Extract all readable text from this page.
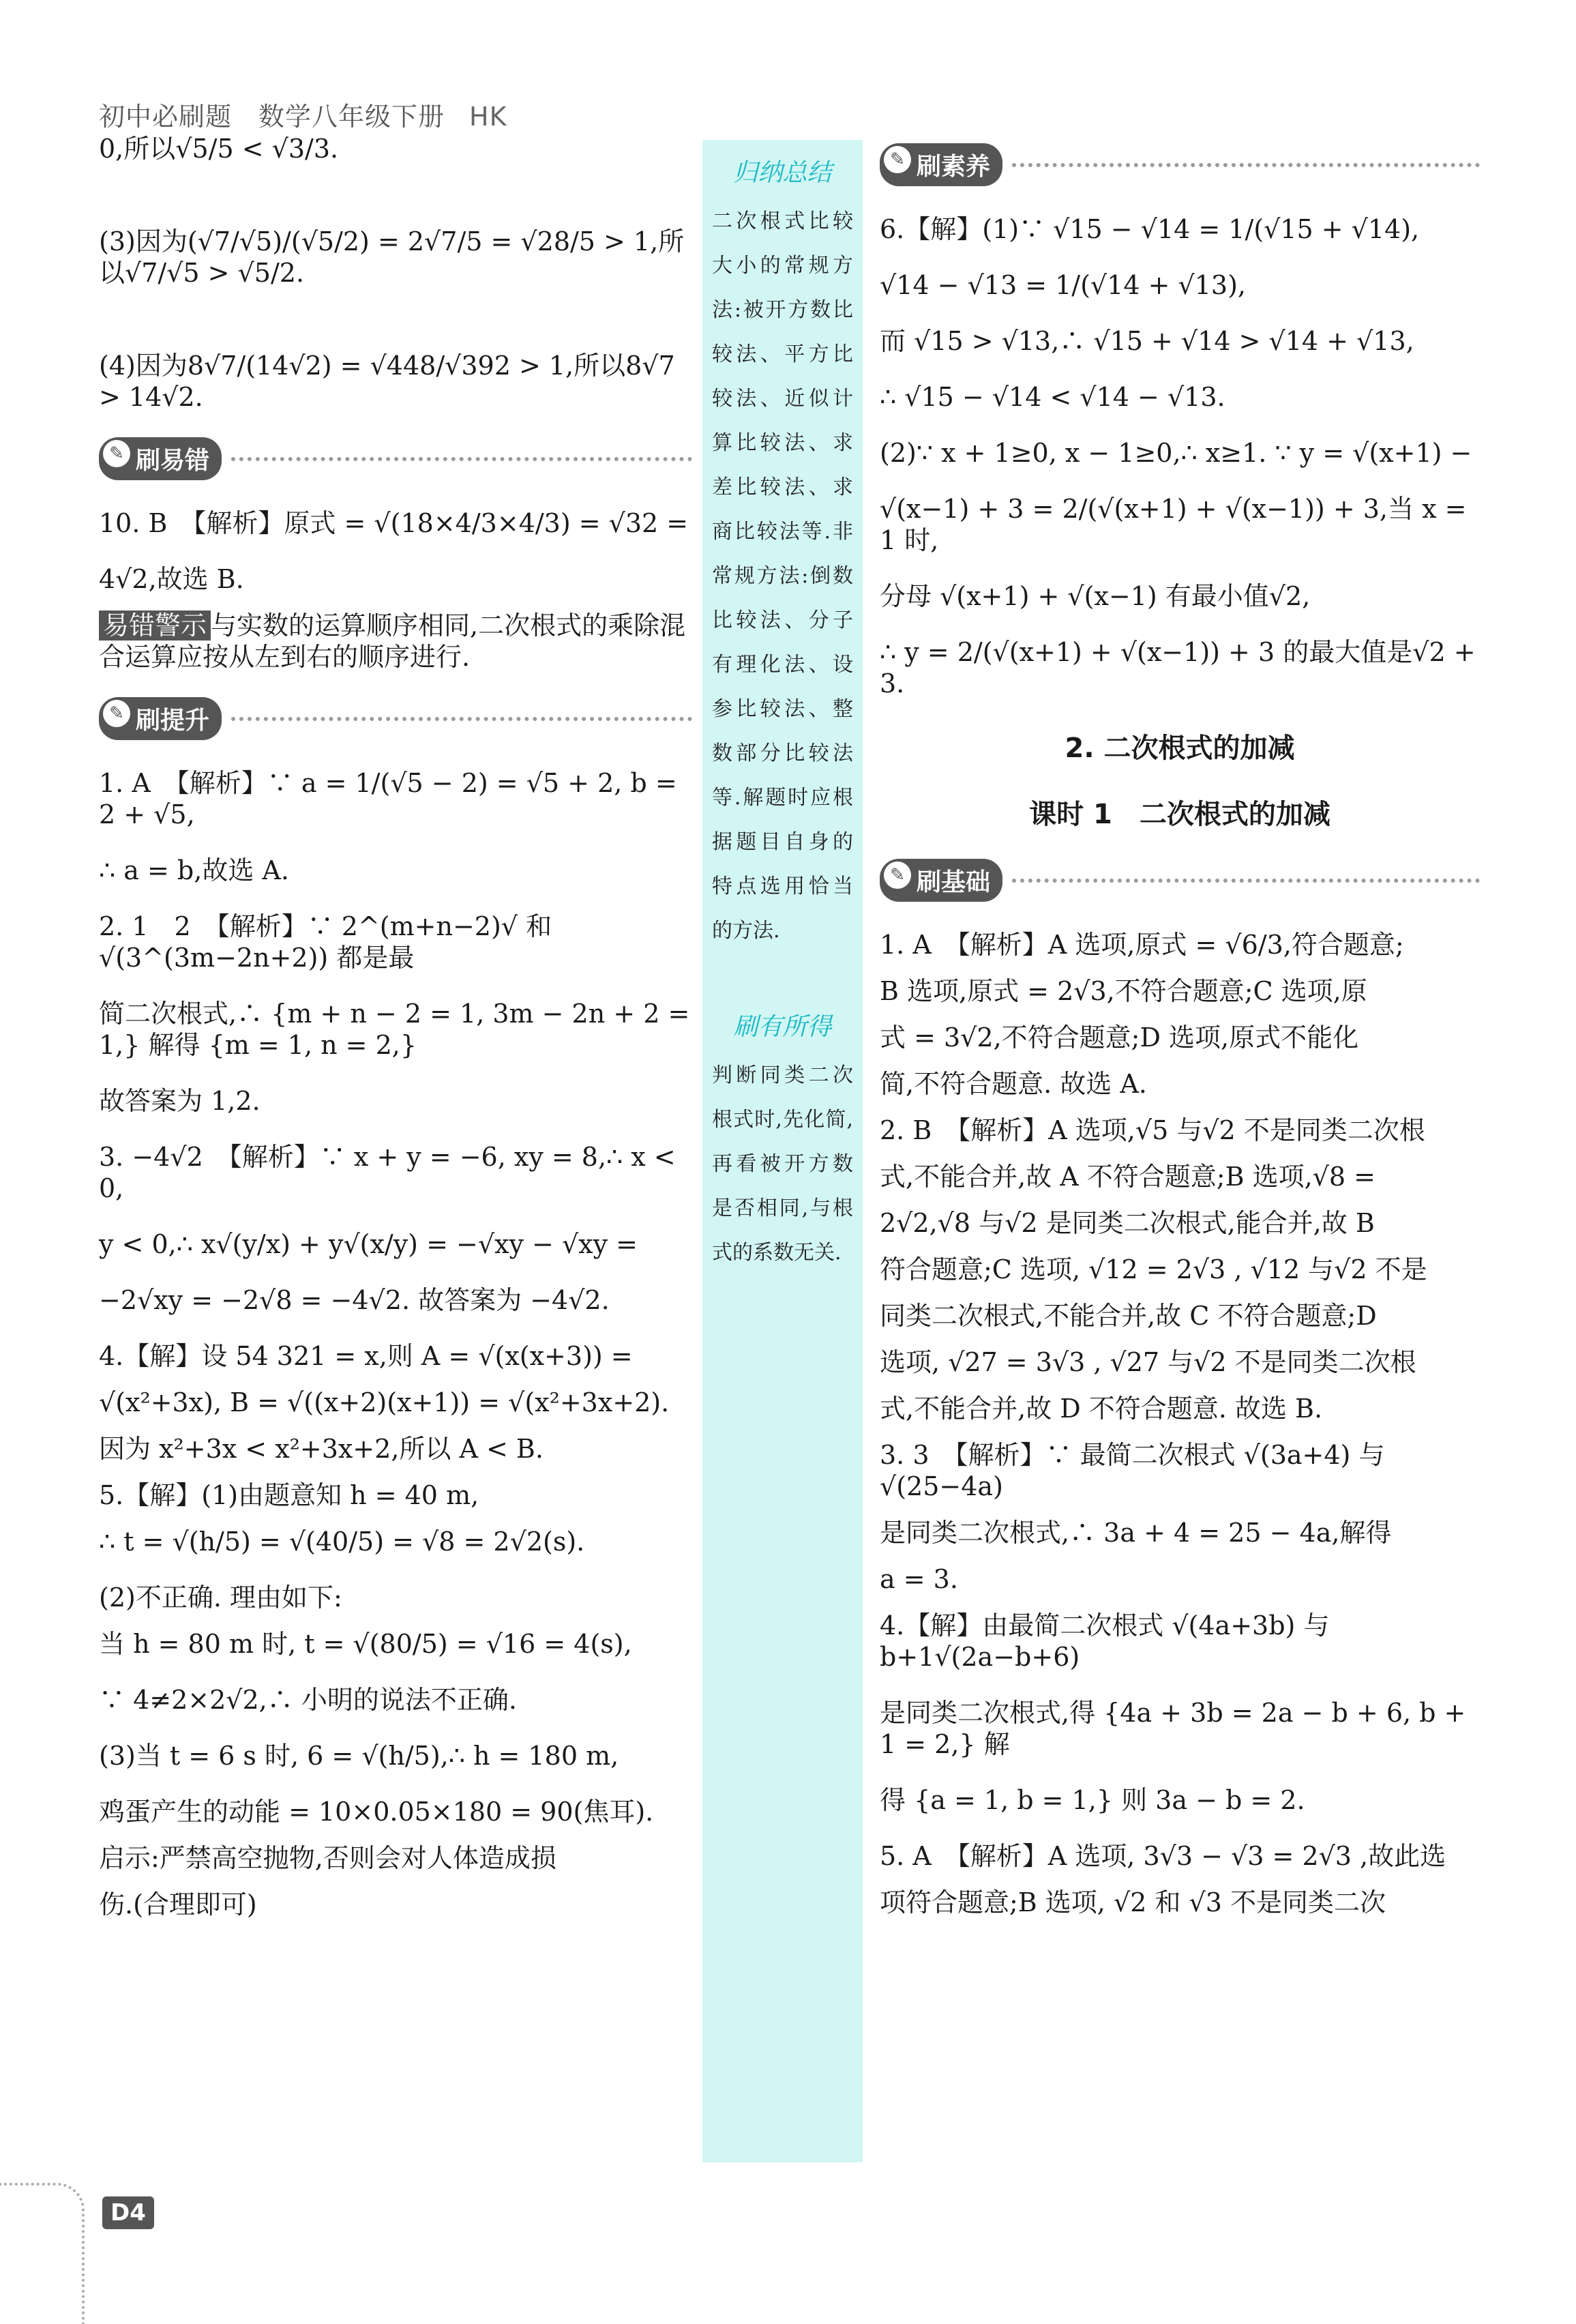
初中必刷题　数学八年级下册 HK
0,所以√5/5 < √3/3.
(3)因为(√7/√5)/(√5/2) = 2√7/5 = √28/5 > 1,所以√7/√5 > √5/2.
(4)因为8√7/(14√2) = √448/√392 > 1,所以8√7 > 14√2.
✎ 刷易错
10. B　【解析】原式 = √(18×4/3×4/3) = √32 =
4√2,故选 B.
易错警示 与实数的运算顺序相同,二次根式的乘除混合运算应按从左到右的顺序进行.
✎ 刷提升
1. A　【解析】∵ a = 1/(√5 − 2) = √5 + 2, b = 2 + √5,
∴ a = b,故选 A.
2. 1　2　【解析】∵ 2^(m+n−2)√ 和 √(3^(3m−2n+2)) 都是最
简二次根式,∴ {m + n − 2 = 1, 3m − 2n + 2 = 1,} 解得 {m = 1, n = 2,}
故答案为 1,2.
3. −4√2　【解析】∵ x + y = −6, xy = 8,∴ x < 0,
y < 0,∴ x√(y/x) + y√(x/y) = −√xy − √xy =
−2√xy = −2√8 = −4√2. 故答案为 −4√2.
4.【解】设 54 321 = x,则 A = √(x(x+3)) =
√(x²+3x), B = √((x+2)(x+1)) = √(x²+3x+2).
因为 x²+3x < x²+3x+2,所以 A < B.
5.【解】(1)由题意知 h = 40 m,
∴ t = √(h/5) = √(40/5) = √8 = 2√2(s).
(2)不正确. 理由如下:
当 h = 80 m 时, t = √(80/5) = √16 = 4(s),
∵ 4≠2×2√2,∴ 小明的说法不正确.
(3)当 t = 6 s 时, 6 = √(h/5),∴ h = 180 m,
鸡蛋产生的动能 = 10×0.05×180 = 90(焦耳).
启示:严禁高空抛物,否则会对人体造成损
伤.(合理即可)
归纳总结
二次根式比较大小的常规方法:被开方数比较法、平方比较法、近似计算比较法、求差比较法、求商比较法等.非常规方法:倒数比较法、分子有理化法、设参比较法、整数部分比较法等.解题时应根据题目自身的特点选用恰当的方法.
刷有所得
判断同类二次根式时,先化简,再看被开方数是否相同,与根式的系数无关.
✎ 刷素养
6.【解】(1)∵ √15 − √14 = 1/(√15 + √14),
√14 − √13 = 1/(√14 + √13),
而 √15 > √13,∴ √15 + √14 > √14 + √13,
∴ √15 − √14 < √14 − √13.
(2)∵ x + 1≥0, x − 1≥0,∴ x≥1. ∵ y = √(x+1) −
√(x−1) + 3 = 2/(√(x+1) + √(x−1)) + 3,当 x = 1 时,
分母 √(x+1) + √(x−1) 有最小值√2,
∴ y = 2/(√(x+1) + √(x−1)) + 3 的最大值是√2 + 3.
2. 二次根式的加减
课时 1　二次根式的加减
✎ 刷基础
1. A　【解析】A 选项,原式 = √6/3,符合题意;
B 选项,原式 = 2√3,不符合题意;C 选项,原
式 = 3√2,不符合题意;D 选项,原式不能化
简,不符合题意. 故选 A.
2. B　【解析】A 选项,√5 与√2 不是同类二次根
式,不能合并,故 A 不符合题意;B 选项,√8 =
2√2,√8 与√2 是同类二次根式,能合并,故 B
符合题意;C 选项, √12 = 2√3 , √12 与√2 不是
同类二次根式,不能合并,故 C 不符合题意;D
选项, √27 = 3√3 , √27 与√2 不是同类二次根
式,不能合并,故 D 不符合题意. 故选 B.
3. 3　【解析】∵ 最简二次根式 √(3a+4) 与 √(25−4a)
是同类二次根式,∴ 3a + 4 = 25 − 4a,解得
a = 3.
4.【解】由最简二次根式 √(4a+3b) 与 b+1√(2a−b+6)
是同类二次根式,得 {4a + 3b = 2a − b + 6, b + 1 = 2,} 解
得 {a = 1, b = 1,} 则 3a − b = 2.
5. A　【解析】A 选项, 3√3 − √3 = 2√3 ,故此选
项符合题意;B 选项, √2 和 √3 不是同类二次
D4
